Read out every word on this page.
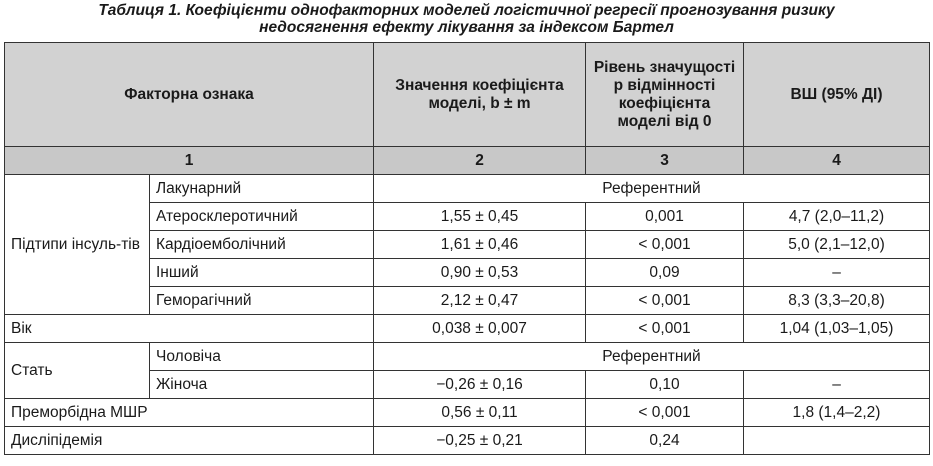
Таблиця 1. Коефіцієнти однофакторних моделей логістичної регресії прогнозування ризику
недосягнення ефекту лікування за індексом Бартел
Факторна ознака		Значення коефіцієнта моделі, b ± m	Рівень значущості p відмінності коефіцієнта моделі від 0	ВШ (95% ДІ)
1		2	3	4
Підтипи інсуль-тів	Лакунарний	Референтний		
	Атеросклеротичний	1,55 ± 0,45	0,001	4,7 (2,0–11,2)
	Кардіоемболічний	1,61 ± 0,46	< 0,001	5,0 (2,1–12,0)
	Інший	0,90 ± 0,53	0,09	–
	Геморагічний	2,12 ± 0,47	< 0,001	8,3 (3,3–20,8)
Вік		0,038 ± 0,007	< 0,001	1,04 (1,03–1,05)
Стать	Чоловіча	Референтний		
	Жіноча	−0,26 ± 0,16	0,10	–
Преморбідна МШР		0,56 ± 0,11	< 0,001	1,8 (1,4–2,2)
Дисліпідемія		−0,25 ± 0,21	0,24	
